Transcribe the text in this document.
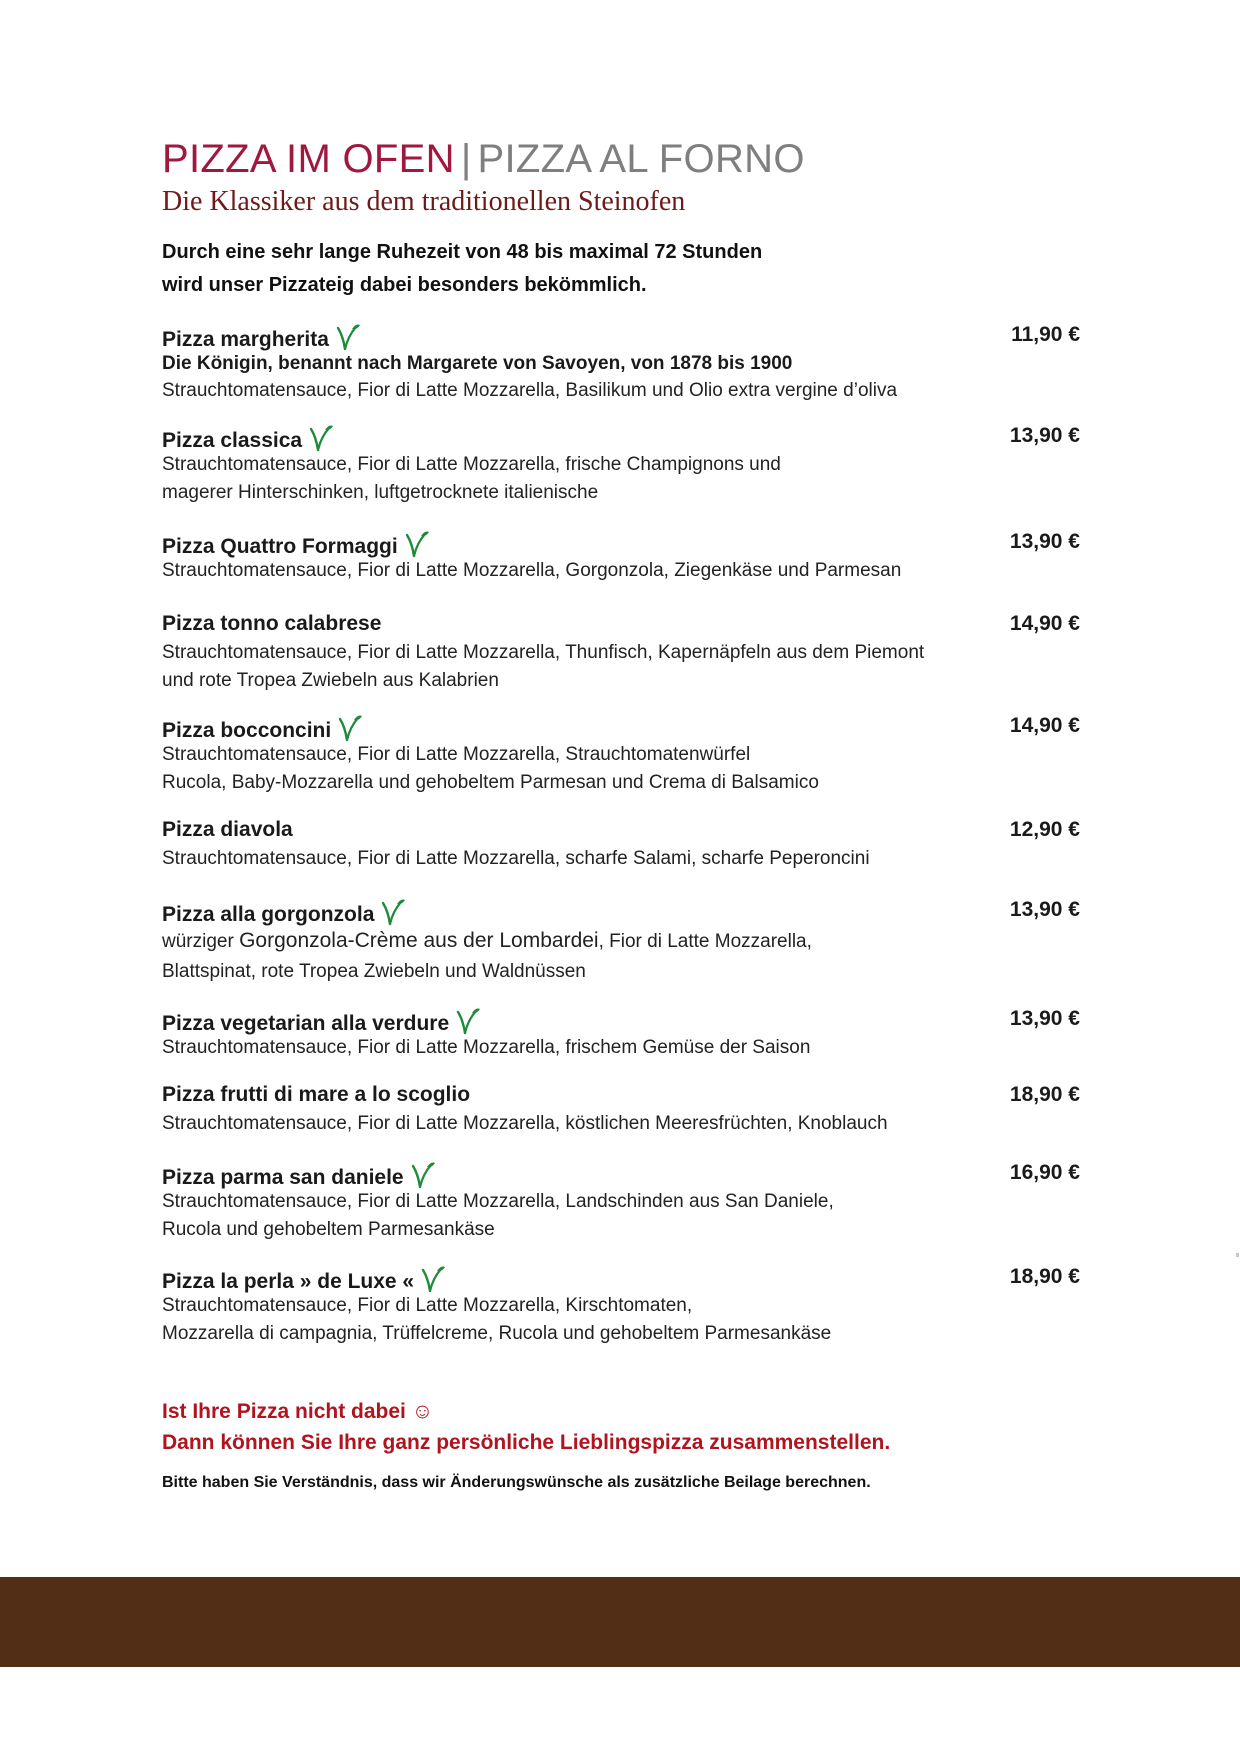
PIZZA IM OFEN | PIZZA AL FORNO
Die Klassiker aus dem traditionellen Steinofen
Durch eine sehr lange Ruhezeit von 48 bis maximal 72 Stunden
wird unser Pizzateig dabei besonders bekömmlich.
Pizza margherita	11,90 €
Die Königin, benannt nach Margarete von Savoyen, von 1878 bis 1900
Strauchtomatensauce, Fior di Latte Mozzarella, Basilikum und Olio extra vergine d’oliva
Pizza classica	13,90 €
Strauchtomatensauce, Fior di Latte Mozzarella, frische Champignons und
magerer Hinterschinken, luftgetrocknete italienische
Pizza Quattro Formaggi	13,90 €
Strauchtomatensauce, Fior di Latte Mozzarella, Gorgonzola, Ziegenkäse und Parmesan
Pizza tonno calabrese	14,90 €
Strauchtomatensauce, Fior di Latte Mozzarella, Thunfisch, Kapernäpfeln aus dem Piemont
und rote Tropea Zwiebeln aus Kalabrien
Pizza bocconcini	14,90 €
Strauchtomatensauce, Fior di Latte Mozzarella, Strauchtomatenwürfel
Rucola, Baby-Mozzarella und gehobeltem Parmesan und Crema di Balsamico
Pizza diavola	12,90 €
Strauchtomatensauce, Fior di Latte Mozzarella, scharfe Salami, scharfe Peperoncini
Pizza alla gorgonzola	13,90 €
würziger Gorgonzola-Crème aus der Lombardei, Fior di Latte Mozzarella,
Blattspinat, rote Tropea Zwiebeln und Waldnüssen
Pizza vegetarian alla verdure	13,90 €
Strauchtomatensauce, Fior di Latte Mozzarella, frischem Gemüse der Saison
Pizza frutti di mare a lo scoglio	18,90 €
Strauchtomatensauce, Fior di Latte Mozzarella, köstlichen Meeresfrüchten, Knoblauch
Pizza parma san daniele	16,90 €
Strauchtomatensauce, Fior di Latte Mozzarella, Landschinden aus San Daniele,
Rucola und gehobeltem Parmesankäse
Pizza la perla » de Luxe «	18,90 €
Strauchtomatensauce, Fior di Latte Mozzarella, Kirschtomaten,
Mozzarella di campagnia, Trüffelcreme, Rucola und gehobeltem Parmesankäse
Ist Ihre Pizza nicht dabei ☺
Dann können Sie Ihre ganz persönliche Lieblingspizza zusammenstellen.
Bitte haben Sie Verständnis, dass wir Änderungswünsche als zusätzliche Beilage berechnen.
